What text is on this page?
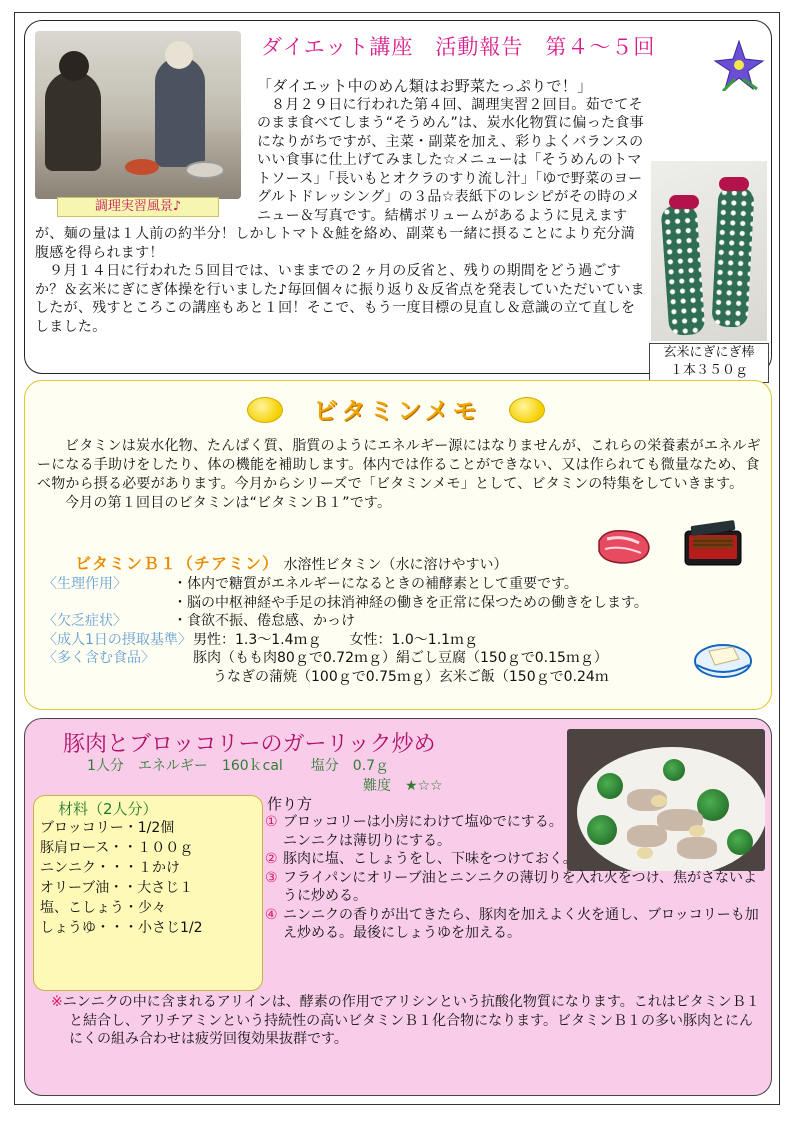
調理実習風景♪
ダイエット講座　活動報告　第４～５回

「ダイエット中のめん類はお野菜たっぷりで！」

８月２９日に行われた第４回、調理実習２回目。茹でてそのまま食べてしまう“そうめん”は、炭水化物質に偏った食事になりがちですが、主菜・副菜を加え、彩りよくバランスのいい食事に仕上げてみました☆メニューは「そうめんのトマトソース」「長いもとオクラのすり流し汁」「ゆで野菜のヨーグルトドレッシング」の３品☆表紙下のレシピがその時のメニュー＆写真です。結構ボリュームがあるように見えますが、麺の量は１人前の約半分！しかしトマト＆鮭を絡め、副菜も一緒に摂ることにより充分満腹感を得られます！

９月１４日に行われた５回目では、いままでの２ヶ月の反省と、残りの期間をどう過ごすか？＆玄米にぎにぎ体操を行いました♪毎回個々に振り返り＆反省点を発表していただいていましたが、残すところこの講座もあと１回！そこで、もう一度目標の見直し＆意識の立て直しをしました。

玄米にぎにぎ棒
１本３５０ｇ
ビタミンメモ

ビタミンは炭水化物、たんぱく質、脂質のようにエネルギー源にはなりませんが、これらの栄養素がエネルギーになる手助けをしたり、体の機能を補助します。体内では作ることができない、又は作られても微量なため、食べ物から摂る必要があります。今月からシリーズで「ビタミンメモ」として、ビタミンの特集をしていきます。

今月の第１回目のビタミンは“ビタミンＢ１”です。

ビタミンＢ１（チアミン） 水溶性ビタミン（水に溶けやすい）
〈生理作用〉	・体内で糖質がエネルギーになるときの補酵素として重要です。
・脳の中枢神経や手足の抹消神経の働きを正常に保つための働きをします。
〈欠乏症状〉	・食欲不振、倦怠感、かっけ
〈成人1日の摂取基準〉 男性：1.3～1.4ｍｇ　　女性：1.0～1.1ｍｇ
〈多く含む食品〉	豚肉（もも肉80ｇで0.72ｍｇ）絹ごし豆腐（150ｇで0.15ｍｇ）
うなぎの蒲焼（100ｇで0.75ｍｇ）玄米ご飯（150ｇで0.24ｍ
豚肉とブロッコリーのガーリック炒め
1人分　エネルギー　160ｋcal　　塩分　0.7ｇ
難度　★☆☆
材料（2人分）
ブロッコリー・1/2個
豚肩ロース・・１００ｇ
ニンニク・・・１かけ
オリーブ油・・大さじ１
塩、こしょう・少々
しょうゆ・・・小さじ1/2
作り方
① ブロッコリーは小房にわけて塩ゆでにする。ニンニクは薄切りにする。
② 豚肉に塩、こしょうをし、下味をつけておく。
③ フライパンにオリーブ油とニンニクの薄切りを入れ火をつけ、焦がさないように炒める。
④ ニンニクの香りが出てきたら、豚肉を加えよく火を通し、ブロッコリーも加え炒める。最後にしょうゆを加える。
※ニンニクの中に含まれるアリインは、酵素の作用でアリシンという抗酸化物質になります。これはビタミンＢ１と結合し、アリチアミンという持続性の高いビタミンＢ１化合物になります。ビタミンＢ１の多い豚肉とにんにくの組み合わせは疲労回復効果抜群です。
